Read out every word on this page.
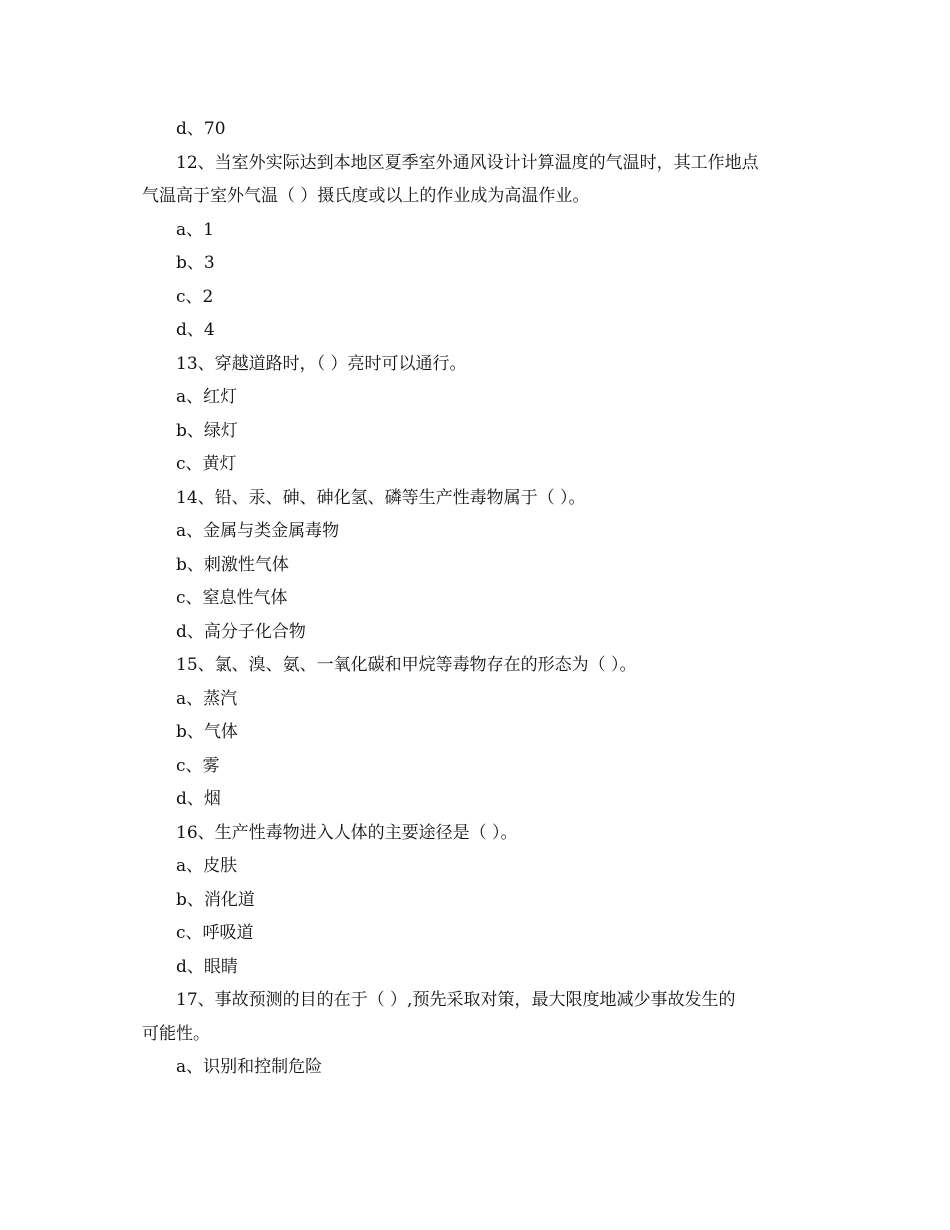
d、70
12、当室外实际达到本地区夏季室外通风设计计算温度的气温时，其工作地点
气温高于室外气温（ ）摄氏度或以上的作业成为高温作业。
a、1
b、3
c、2
d、4
13、穿越道路时，（ ）亮时可以通行。
a、红灯
b、绿灯
c、黄灯
14、铅、汞、砷、砷化氢、磷等生产性毒物属于（ ）。
a、金属与类金属毒物
b、刺激性气体
c、窒息性气体
d、高分子化合物
15、氯、溴、氨、一氧化碳和甲烷等毒物存在的形态为（ ）。
a、蒸汽
b、气体
c、雾
d、烟
16、生产性毒物进入人体的主要途径是（ ）。
a、皮肤
b、消化道
c、呼吸道
d、眼睛
17、事故预测的目的在于（ ）,预先采取对策，最大限度地减少事故发生的
可能性。
a、识别和控制危险
